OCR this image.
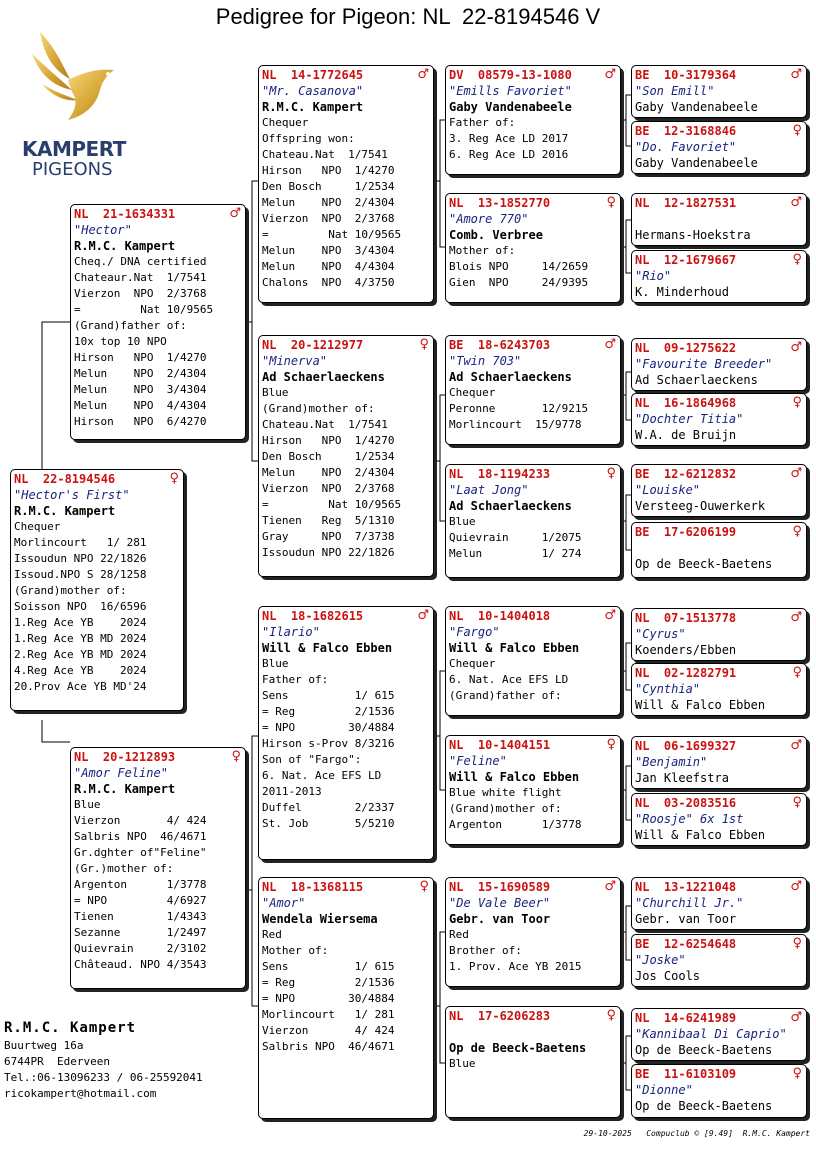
Pedigree for Pigeon: NL  22-8194546 V
KAMPERT
PIGEONS
NL  22-8194546	♀
"Hector's First"
R.M.C. Kampert
Chequer
Morlincourt   1/ 281
Issoudun NPO 22/1826
Issoud.NPO S 28/1258
(Grand)mother of:
Soisson NPO  16/6596
1.Reg Ace YB    2024
1.Reg Ace YB MD 2024
2.Reg Ace YB MD 2024
4.Reg Ace YB    2024
20.Prov Ace YB MD'24
NL  21-1634331	♂
"Hector"
R.M.C. Kampert
Cheq./ DNA certified
Chateaur.Nat  1/7541
Vierzon  NPO  2/3768
=         Nat 10/9565
(Grand)father of:
10x top 10 NPO
Hirson   NPO  1/4270
Melun    NPO  2/4304
Melun    NPO  3/4304
Melun    NPO  4/4304
Hirson   NPO  6/4270
NL  20-1212893	♀
"Amor Feline"
R.M.C. Kampert
Blue
Vierzon       4/ 424
Salbris NPO  46/4671
Gr.dghter of"Feline"
(Gr.)mother of:
Argenton      1/3778
= NPO         4/6927
Tienen        1/4343
Sezanne       1/2497
Quievrain     2/3102
Châteaud. NPO 4/3543
NL  14-1772645	♂
"Mr. Casanova"
R.M.C. Kampert
Chequer
Offspring won:
Chateau.Nat  1/7541
Hirson   NPO  1/4270
Den Bosch     1/2534
Melun    NPO  2/4304
Vierzon  NPO  2/3768
=         Nat 10/9565
Melun    NPO  3/4304
Melun    NPO  4/4304
Chalons  NPO  4/3750
NL  20-1212977	♀
"Minerva"
Ad Schaerlaeckens
Blue
(Grand)mother of:
Chateau.Nat  1/7541
Hirson   NPO  1/4270
Den Bosch     1/2534
Melun    NPO  2/4304
Vierzon  NPO  2/3768
=         Nat 10/9565
Tienen   Reg  5/1310
Gray     NPO  7/3738
Issoudun NPO 22/1826
NL  18-1682615	♂
"Ilario"
Will & Falco Ebben
Blue
Father of:
Sens          1/ 615
= Reg         2/1536
= NPO        30/4884
Hirson s-Prov 8/3216
Son of "Fargo":
6. Nat. Ace EFS LD
2011-2013
Duffel        2/2337
St. Job       5/5210
NL  18-1368115	♀
"Amor"
Wendela Wiersema
Red
Mother of:
Sens          1/ 615
= Reg         2/1536
= NPO        30/4884
Morlincourt   1/ 281
Vierzon       4/ 424
Salbris NPO  46/4671
DV  08579-13-1080	♂
"Emills Favoriet"
Gaby Vandenabeele
Father of:
3. Reg Ace LD 2017
6. Reg Ace LD 2016
NL  13-1852770	♀
"Amore 770"
Comb. Verbree
Mother of:
Blois NPO     14/2659
Gien  NPO     24/9395
BE  18-6243703	♂
"Twin 703"
Ad Schaerlaeckens
Chequer
Peronne       12/9215
Morlincourt  15/9778
NL  18-1194233	♀
"Laat Jong"
Ad Schaerlaeckens
Blue
Quievrain     1/2075
Melun         1/ 274
NL  10-1404018	♂
"Fargo"
Will & Falco Ebben
Chequer
6. Nat. Ace EFS LD
(Grand)father of:
NL  10-1404151	♀
"Feline"
Will & Falco Ebben
Blue white flight
(Grand)mother of:
Argenton      1/3778
NL  15-1690589	♂
"De Vale Beer"
Gebr. van Toor
Red
Brother of:
1. Prov. Ace YB 2015
NL  17-6206283	♀

Op de Beeck-Baetens
Blue
BE  10-3179364	♂
"Son Emill"
Gaby Vandenabeele
BE  12-3168846	♀
"Do. Favoriet"
Gaby Vandenabeele
NL  12-1827531	♂

Hermans-Hoekstra
NL  12-1679667	♀
"Rio"
K. Minderhoud
NL  09-1275622	♂
"Favourite Breeder"
Ad Schaerlaeckens
NL  16-1864968	♀
"Dochter Titia"
W.A. de Bruijn
BE  12-6212832	♂
"Louiske"
Versteeg-Ouwerkerk
BE  17-6206199	♀

Op de Beeck-Baetens
NL  07-1513778	♂
"Cyrus"
Koenders/Ebben
NL  02-1282791	♀
"Cynthia"
Will & Falco Ebben
NL  06-1699327	♂
"Benjamin"
Jan Kleefstra
NL  03-2083516	♀
"Roosje" 6x 1st
Will & Falco Ebben
NL  13-1221048	♂
"Churchill Jr."
Gebr. van Toor
BE  12-6254648	♀
"Joske"
Jos Cools
NL  14-6241989	♂
"Kannibaal Di Caprio"
Op de Beeck-Baetens
BE  11-6103109	♀
"Dionne"
Op de Beeck-Baetens
R.M.C. Kampert
Buurtweg 16a
6744PR  Ederveen
Tel.:06-13096233 / 06-25592041
ricokampert@hotmail.com
29-10-2025   Compuclub © [9.49]  R.M.C. Kampert
